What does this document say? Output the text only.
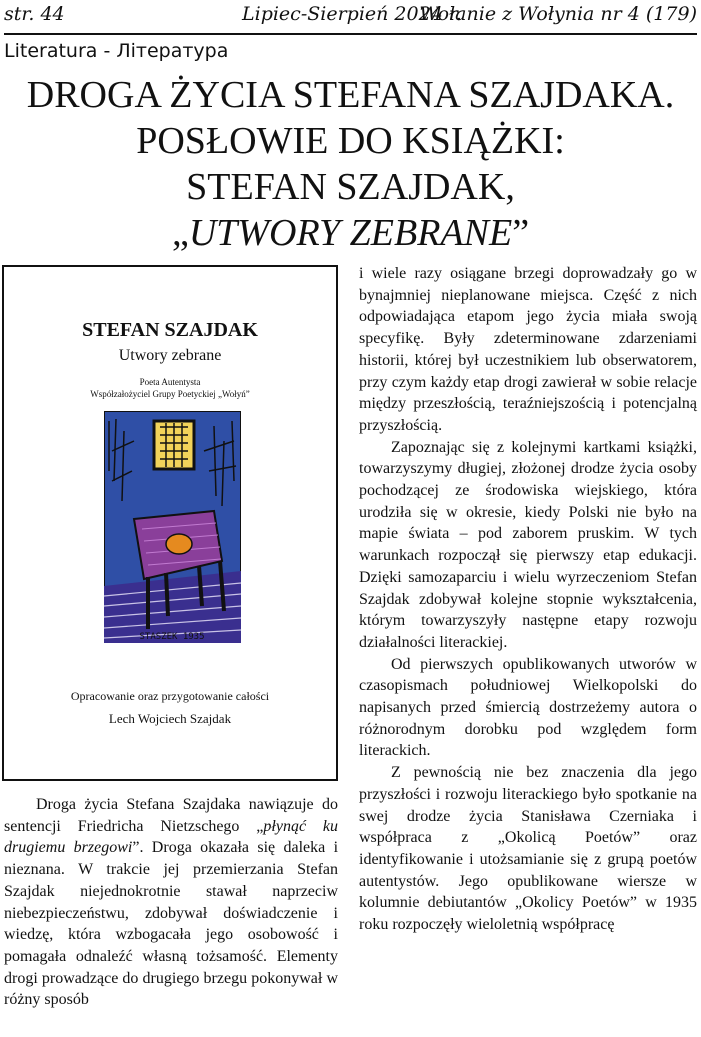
str. 44	Lipiec-Sierpień 2024 r.
Wołanie z Wołynia nr 4 (179)
Literatura - Література
DROGA ŻYCIA STEFANA SZAJDAKA.
POSŁOWIE DO KSIĄŻKI:
STEFAN SZAJDAK,
„UTWORY ZEBRANE”
STEFAN SZAJDAK
Utwory zebrane
Poeta Autentysta
Współzałożyciel Grupy Poetyckiej „Wołyń”
STASZEK 1935
Opracowanie oraz przygotowanie całości
Lech Wojciech Szajdak

Droga życia Stefana Szajdaka nawiązuje do sentencji Friedricha Nietzschego „płynąć ku drugiemu brzegowi”. Droga okazała się daleka i nieznana. W trakcie jej przemierzania Stefan Szajdak niejednokrotnie stawał naprzeciw niebezpieczeństwu, zdobywał doświadczenie i wiedzę, która wzbogacała jego osobowość i pomagała odnaleźć własną tożsamość. Elementy drogi prowadzące do drugiego brzegu pokonywał w różny sposób

i wiele razy osiągane brzegi doprowadzały go w bynajmniej nieplanowane miejsca. Część z nich odpowiadająca etapom jego życia miała swoją specyfikę. Były zdeterminowane zdarzeniami historii, której był uczestnikiem lub obserwatorem, przy czym każdy etap drogi zawierał w sobie relacje między przeszłością, teraźniejszością i potencjalną przyszłością.

Zapoznając się z kolejnymi kartkami książki, towarzyszymy długiej, złożonej drodze życia osoby pochodzącej ze środowiska wiejskiego, która urodziła się w okresie, kiedy Polski nie było na mapie świata – pod zaborem pruskim. W tych warunkach rozpoczął się pierwszy etap edukacji. Dzięki samozaparciu i wielu wyrzeczeniom Stefan Szajdak zdobywał kolejne stopnie wykształcenia, którym towarzyszyły następne etapy rozwoju działalności literackiej.

Od pierwszych opublikowanych utworów w czasopismach południowej Wielkopolski do napisanych przed śmiercią dostrzeżemy autora o różnorodnym dorobku pod względem form literackich.

Z pewnością nie bez znaczenia dla jego przyszłości i rozwoju literackiego było spotkanie na swej drodze życia Stanisława Czerniaka i współpraca z „Okolicą Poetów” oraz identyfikowanie i utożsamianie się z grupą poetów autentystów. Jego opublikowane wiersze w kolumnie debiutantów „Okolicy Poetów” w 1935 roku rozpoczęły wieloletnią współpracę
